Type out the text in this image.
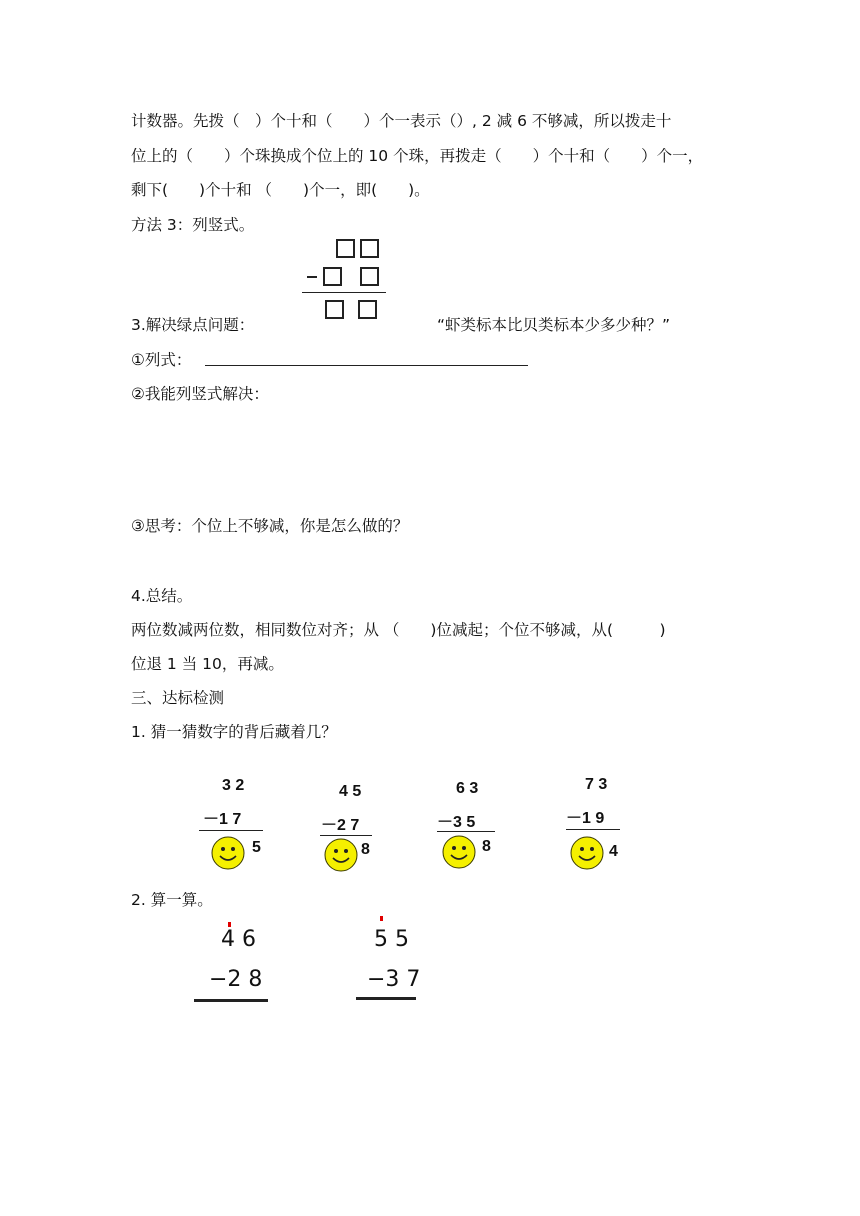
计数器。先拨（　）个十和（　　）个一表示（）, 2 减 6 不够减，所以拨走十
位上的（　　）个珠换成个位上的 10 个珠，再拨走（　　）个十和（　　）个一，
剩下(　　)个十和 （　　)个一，即(　　)。
方法 3：列竖式。
3.解决绿点问题：	“虾类标本比贝类标本少多少种？”
①列式：
②我能列竖式解决：
③思考：个位上不够减，你是怎么做的？
4.总结。
两位数减两位数，相同数位对齐；从 （　　)位减起；个位不够减，从(　　　)
位退 1 当 10，再减。
三、达标检测
1. 猜一猜数字的背后藏着几？
3 2
－1 7
5
4 5
－2 7
8
6 3
－3 5
8
7 3
－1 9
4
2. 算一算。
4 6
−2 8
5 5
−3 7
